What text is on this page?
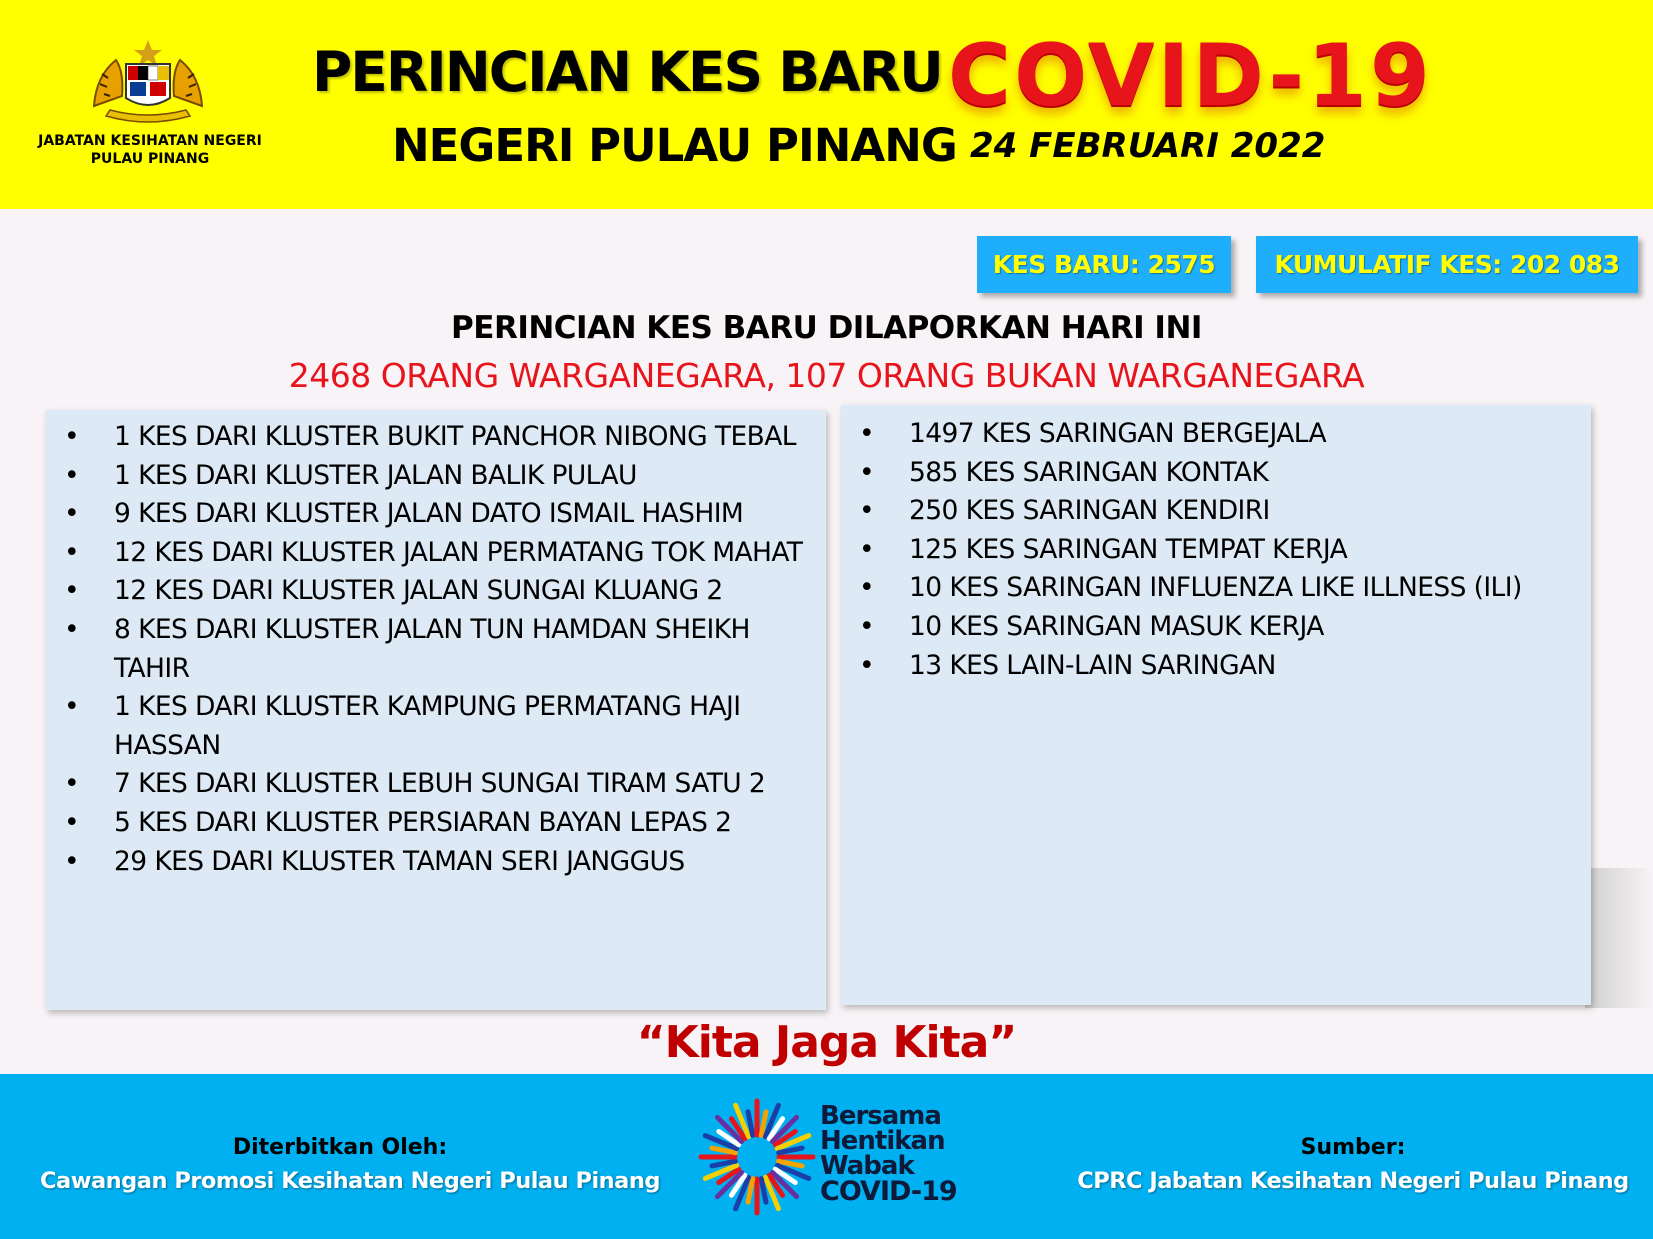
JABATAN KESIHATAN NEGERI PULAU PINANG
PERINCIAN KES BARU COVID-19
NEGERI PULAU PINANG 24 FEBRUARI 2022
KES BARU: 2575	KUMULATIF KES: 202 083
PERINCIAN KES BARU DILAPORKAN HARI INI
2468 ORANG WARGANEGARA, 107 ORANG BUKAN WARGANEGARA
• 1 KES DARI KLUSTER BUKIT PANCHOR NIBONG TEBAL
• 1 KES DARI KLUSTER JALAN BALIK PULAU
• 9 KES DARI KLUSTER JALAN DATO ISMAIL HASHIM
• 12 KES DARI KLUSTER JALAN PERMATANG TOK MAHAT
• 12 KES DARI KLUSTER JALAN SUNGAI KLUANG 2
• 8 KES DARI KLUSTER JALAN TUN HAMDAN SHEIKH TAHIR
• 1 KES DARI KLUSTER KAMPUNG PERMATANG HAJI HASSAN
• 7 KES DARI KLUSTER LEBUH SUNGAI TIRAM SATU 2
• 5 KES DARI KLUSTER PERSIARAN BAYAN LEPAS 2
• 29 KES DARI KLUSTER TAMAN SERI JANGGUS
• 1497 KES SARINGAN BERGEJALA
• 585 KES SARINGAN KONTAK
• 250 KES SARINGAN KENDIRI
• 125 KES SARINGAN TEMPAT KERJA
• 10 KES SARINGAN INFLUENZA LIKE ILLNESS (ILI)
• 10 KES SARINGAN MASUK KERJA
• 13 KES LAIN-LAIN SARINGAN
“Kita Jaga Kita”
Diterbitkan Oleh:
Cawangan Promosi Kesihatan Negeri Pulau Pinang
Bersama
Hentikan
Wabak
COVID-19
Sumber:
CPRC Jabatan Kesihatan Negeri Pulau Pinang
